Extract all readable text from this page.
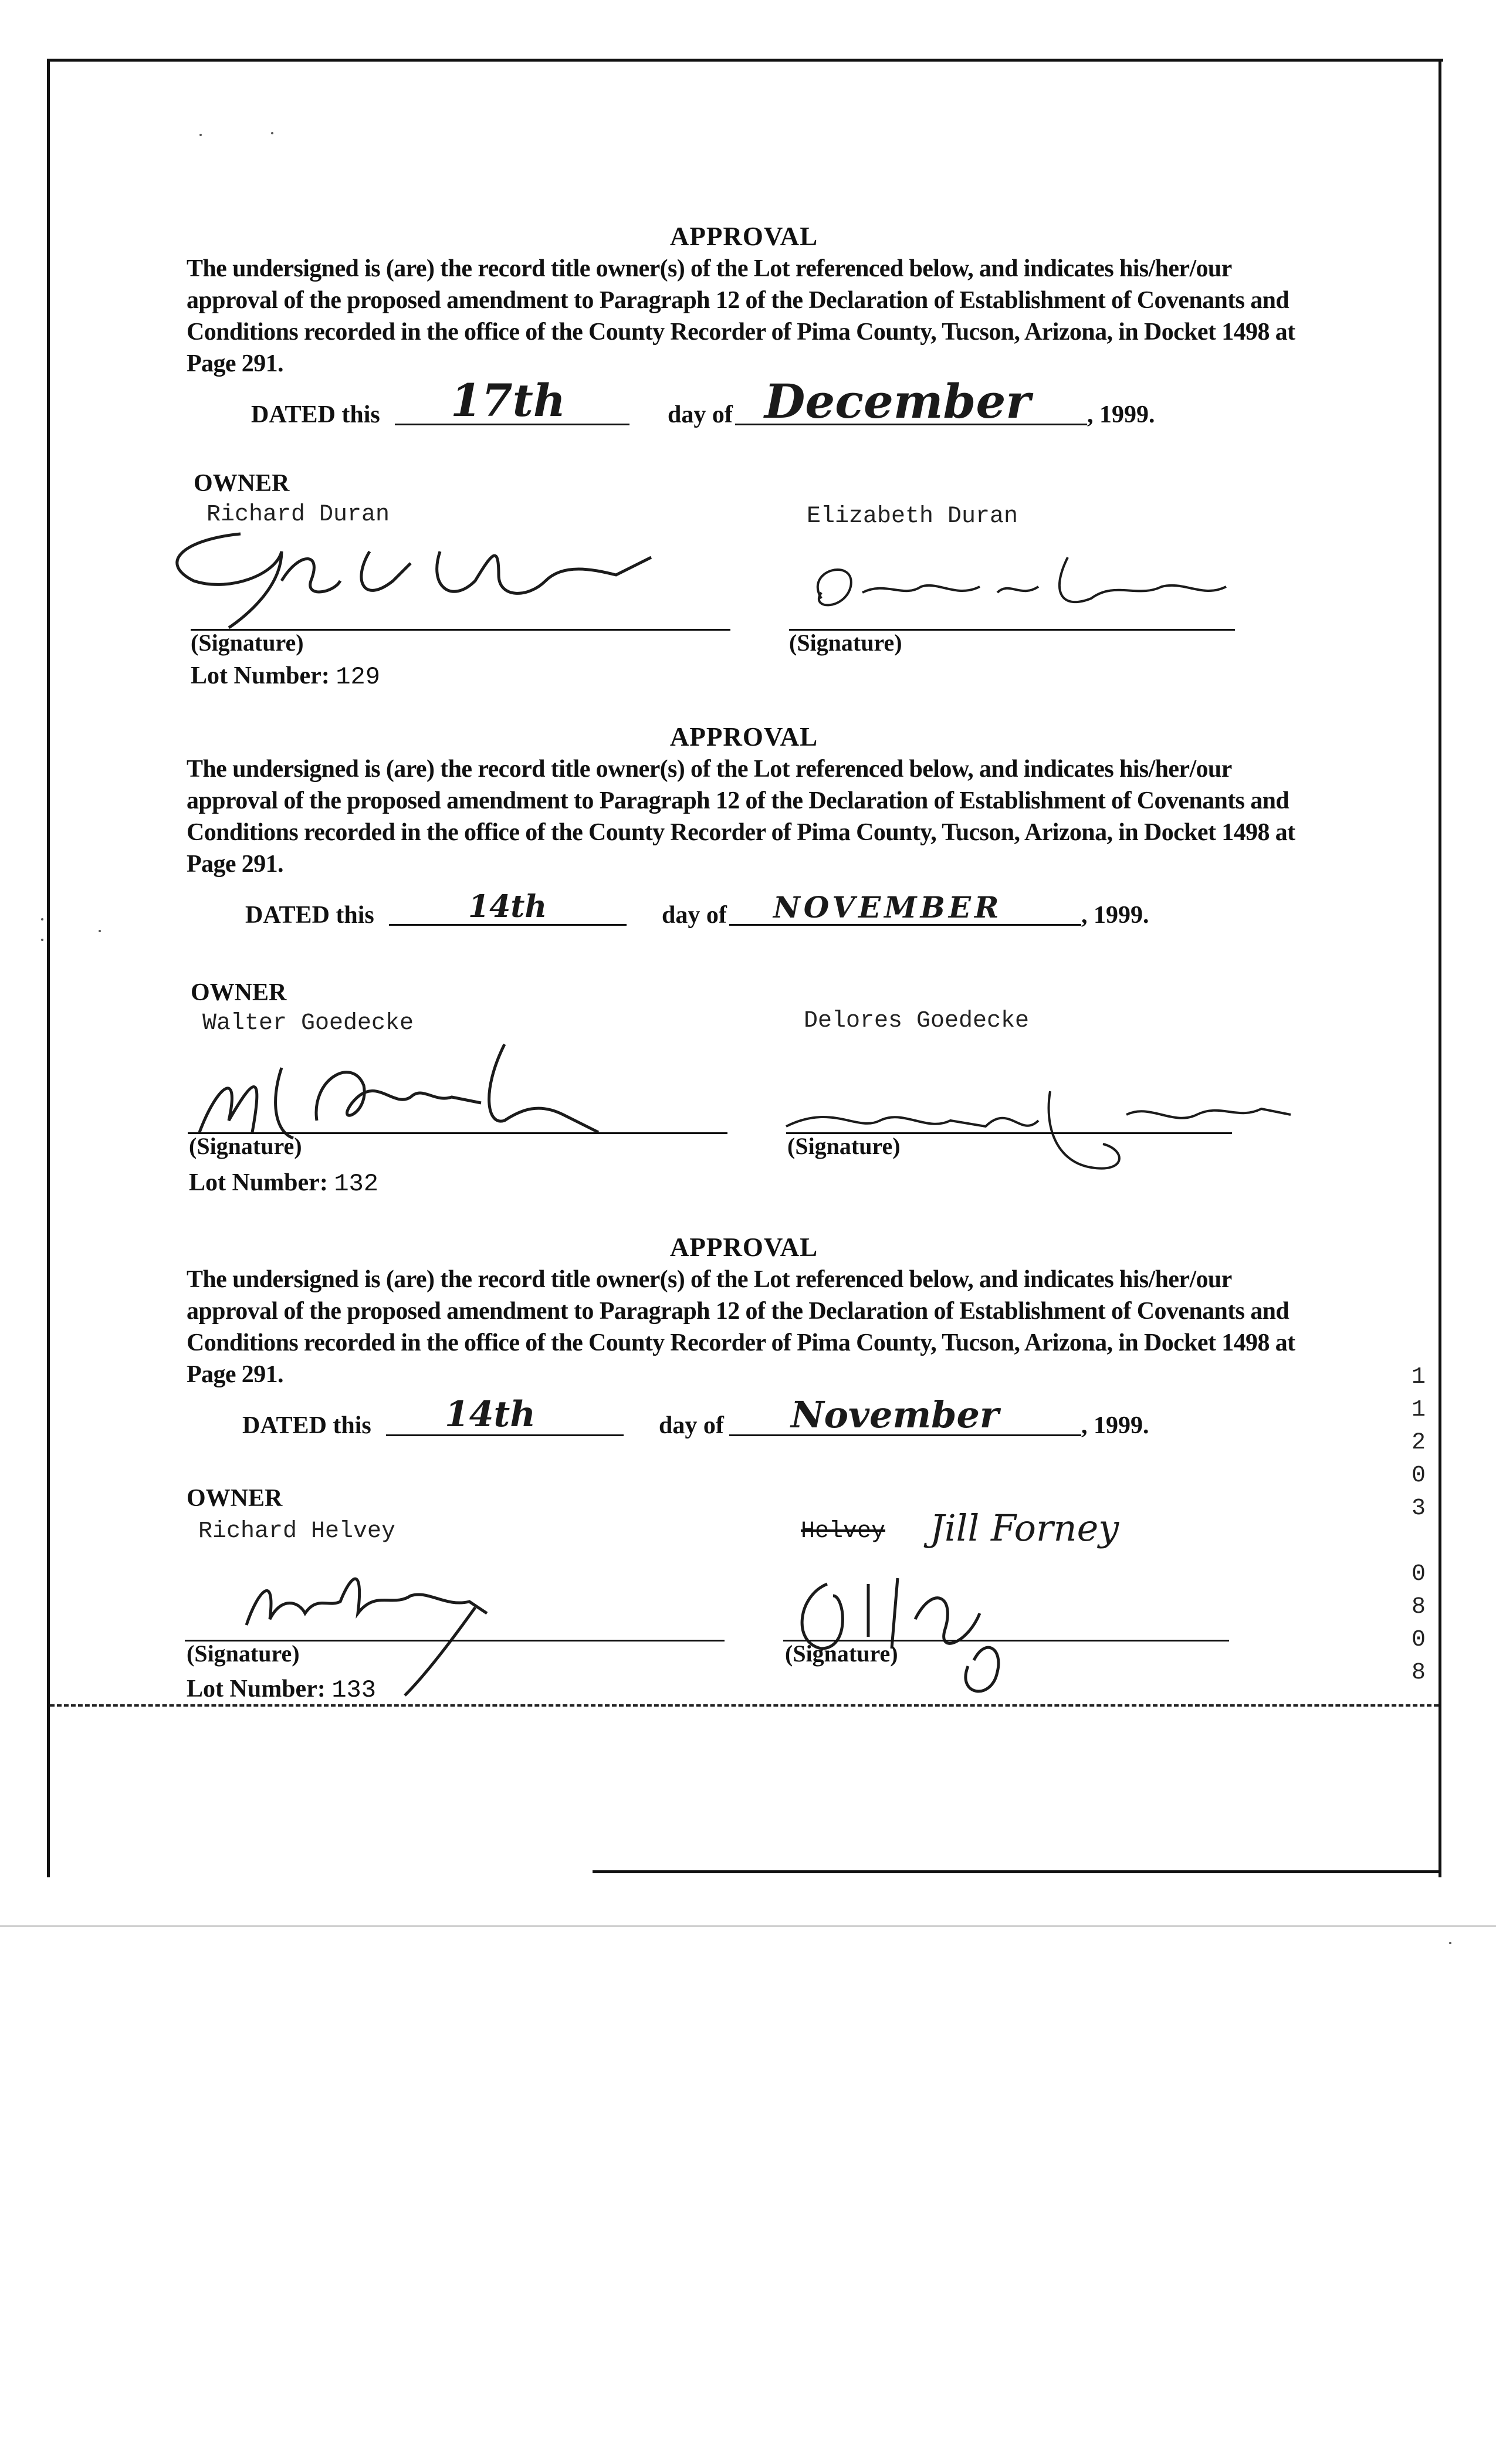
APPROVAL

The undersigned is (are) the record title owner(s) of the Lot referenced below, and indicates his/her/our approval of the proposed amendment to Paragraph 12 of the Declaration of Establishment of Covenants and Conditions recorded in the office of the County Recorder of Pima County, Tucson, Arizona, in Docket 1498 at Page 291.

DATED this 17th	day of December , 1999.
OWNER
Richard Duran	Elizabeth Duran
(Signature)	(Signature)
Lot Number: 129

APPROVAL

The undersigned is (are) the record title owner(s) of the Lot referenced below, and indicates his/her/our approval of the proposed amendment to Paragraph 12 of the Declaration of Establishment of Covenants and Conditions recorded in the office of the County Recorder of Pima County, Tucson, Arizona, in Docket 1498 at Page 291.

DATED this	14th	day of NOVEMBER	, 1999.
OWNER
Walter Goedecke	Delores Goedecke
(Signature)	(Signature)
Lot Number: 132

APPROVAL

The undersigned is (are) the record title owner(s) of the Lot referenced below, and indicates his/her/our approval of the proposed amendment to Paragraph 12 of the Declaration of Establishment of Covenants and Conditions recorded in the office of the County Recorder of Pima County, Tucson, Arizona, in Docket 1498 at Page 291.

DATED this 14th	day of November	, 1999.
OWNER
Richard Helvey	Helvey Jill Forney
(Signature)	(Signature)
Lot Number: 133
1
1
2
0
3
0
8
0
8
